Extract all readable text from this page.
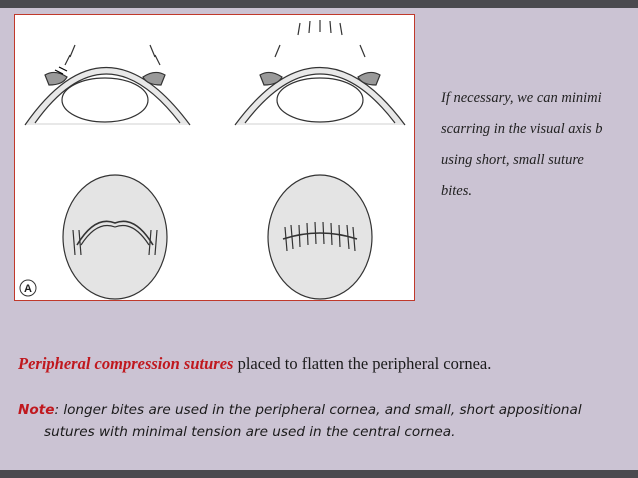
A
If necessary, we can minimi
scarring in the visual axis b
using short, small suture
bites.
Peripheral compression sutures placed to flatten the peripheral cornea.
Note: longer bites are used in the peripheral cornea, and small, short appositional
sutures with minimal tension are used in the central cornea.
